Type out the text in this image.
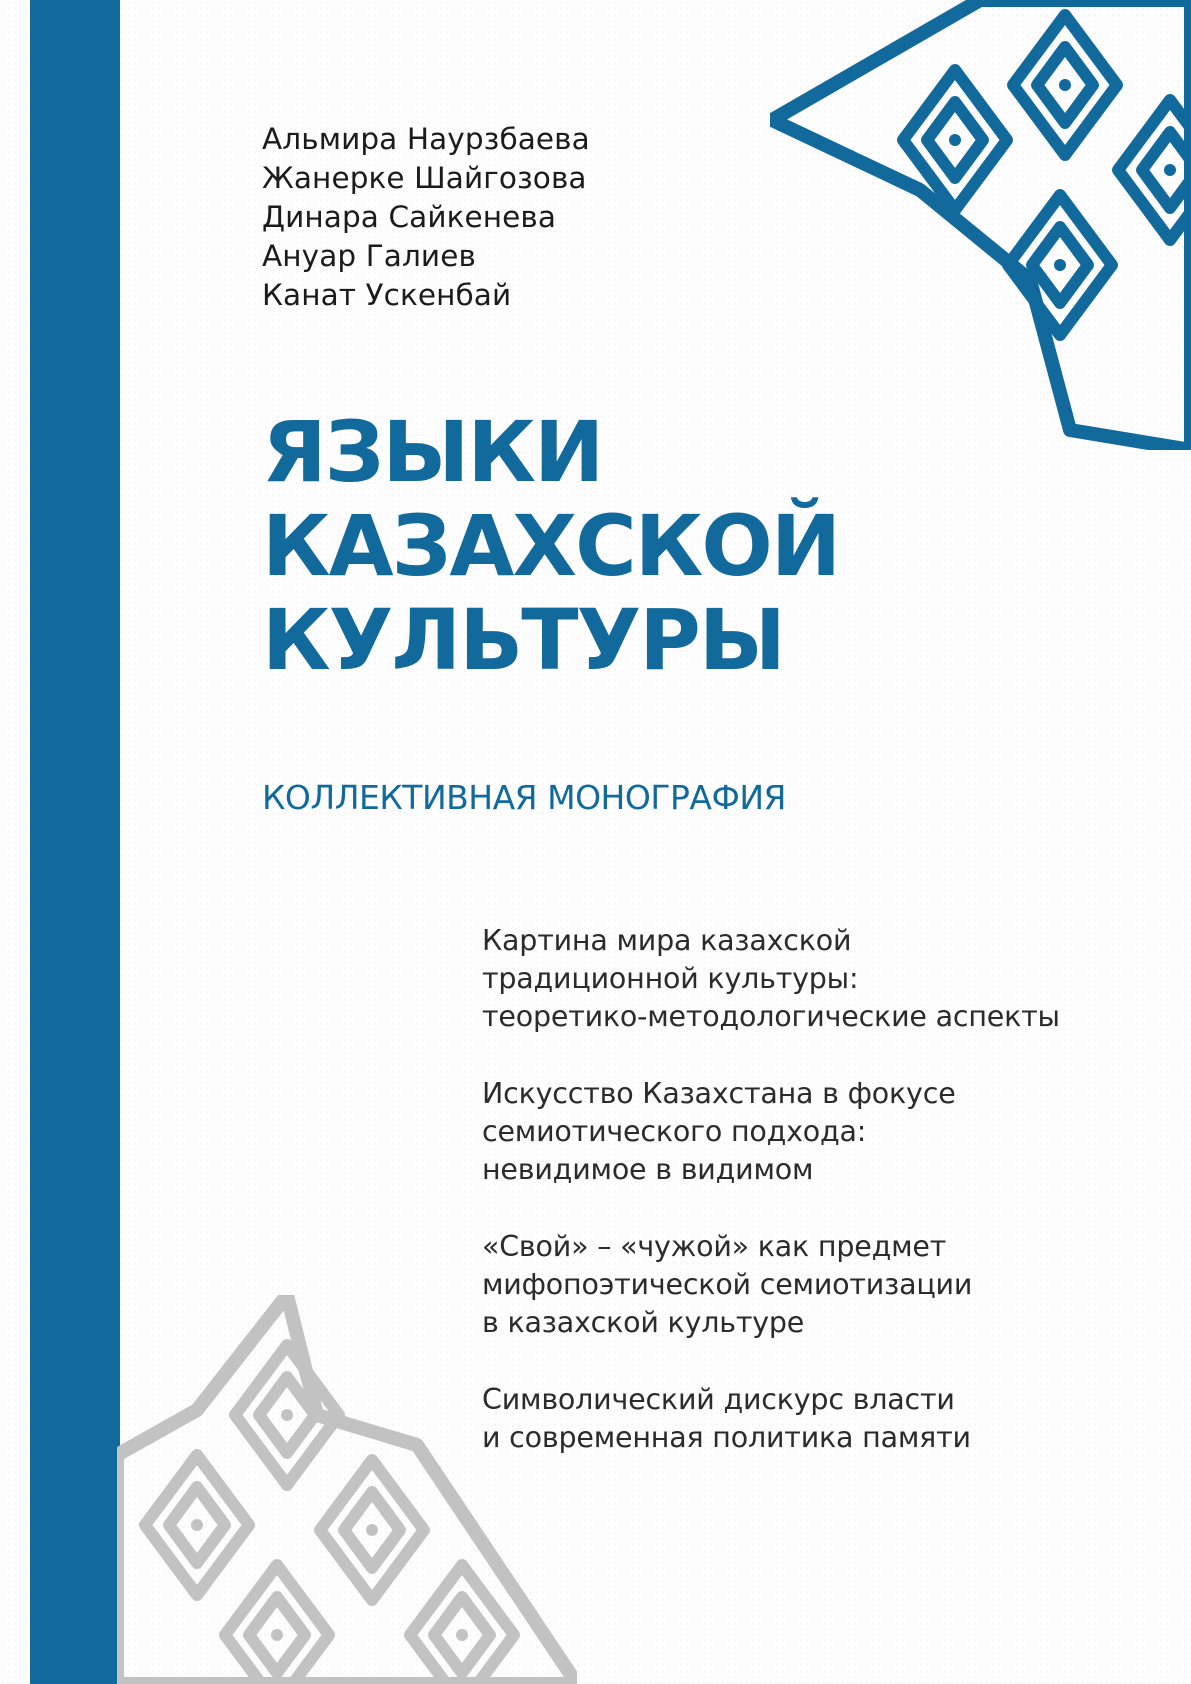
Альмира Наурзбаева
Жанерке Шайгозова
Динара Сайкенева
Ануар Галиев
Канат Ускенбай
ЯЗЫКИ
КАЗАХСКОЙ
КУЛЬТУРЫ
КОЛЛЕКТИВНАЯ МОНОГРАФИЯ
Картина мира казахской
традиционной культуры:
теоретико-методологические аспекты
Искусство Казахстана в фокусе
семиотического подхода:
невидимое в видимом
«Свой» – «чужой» как предмет
мифопоэтической семиотизации
в казахской культуре
Символический дискурс власти
и современная политика памяти
